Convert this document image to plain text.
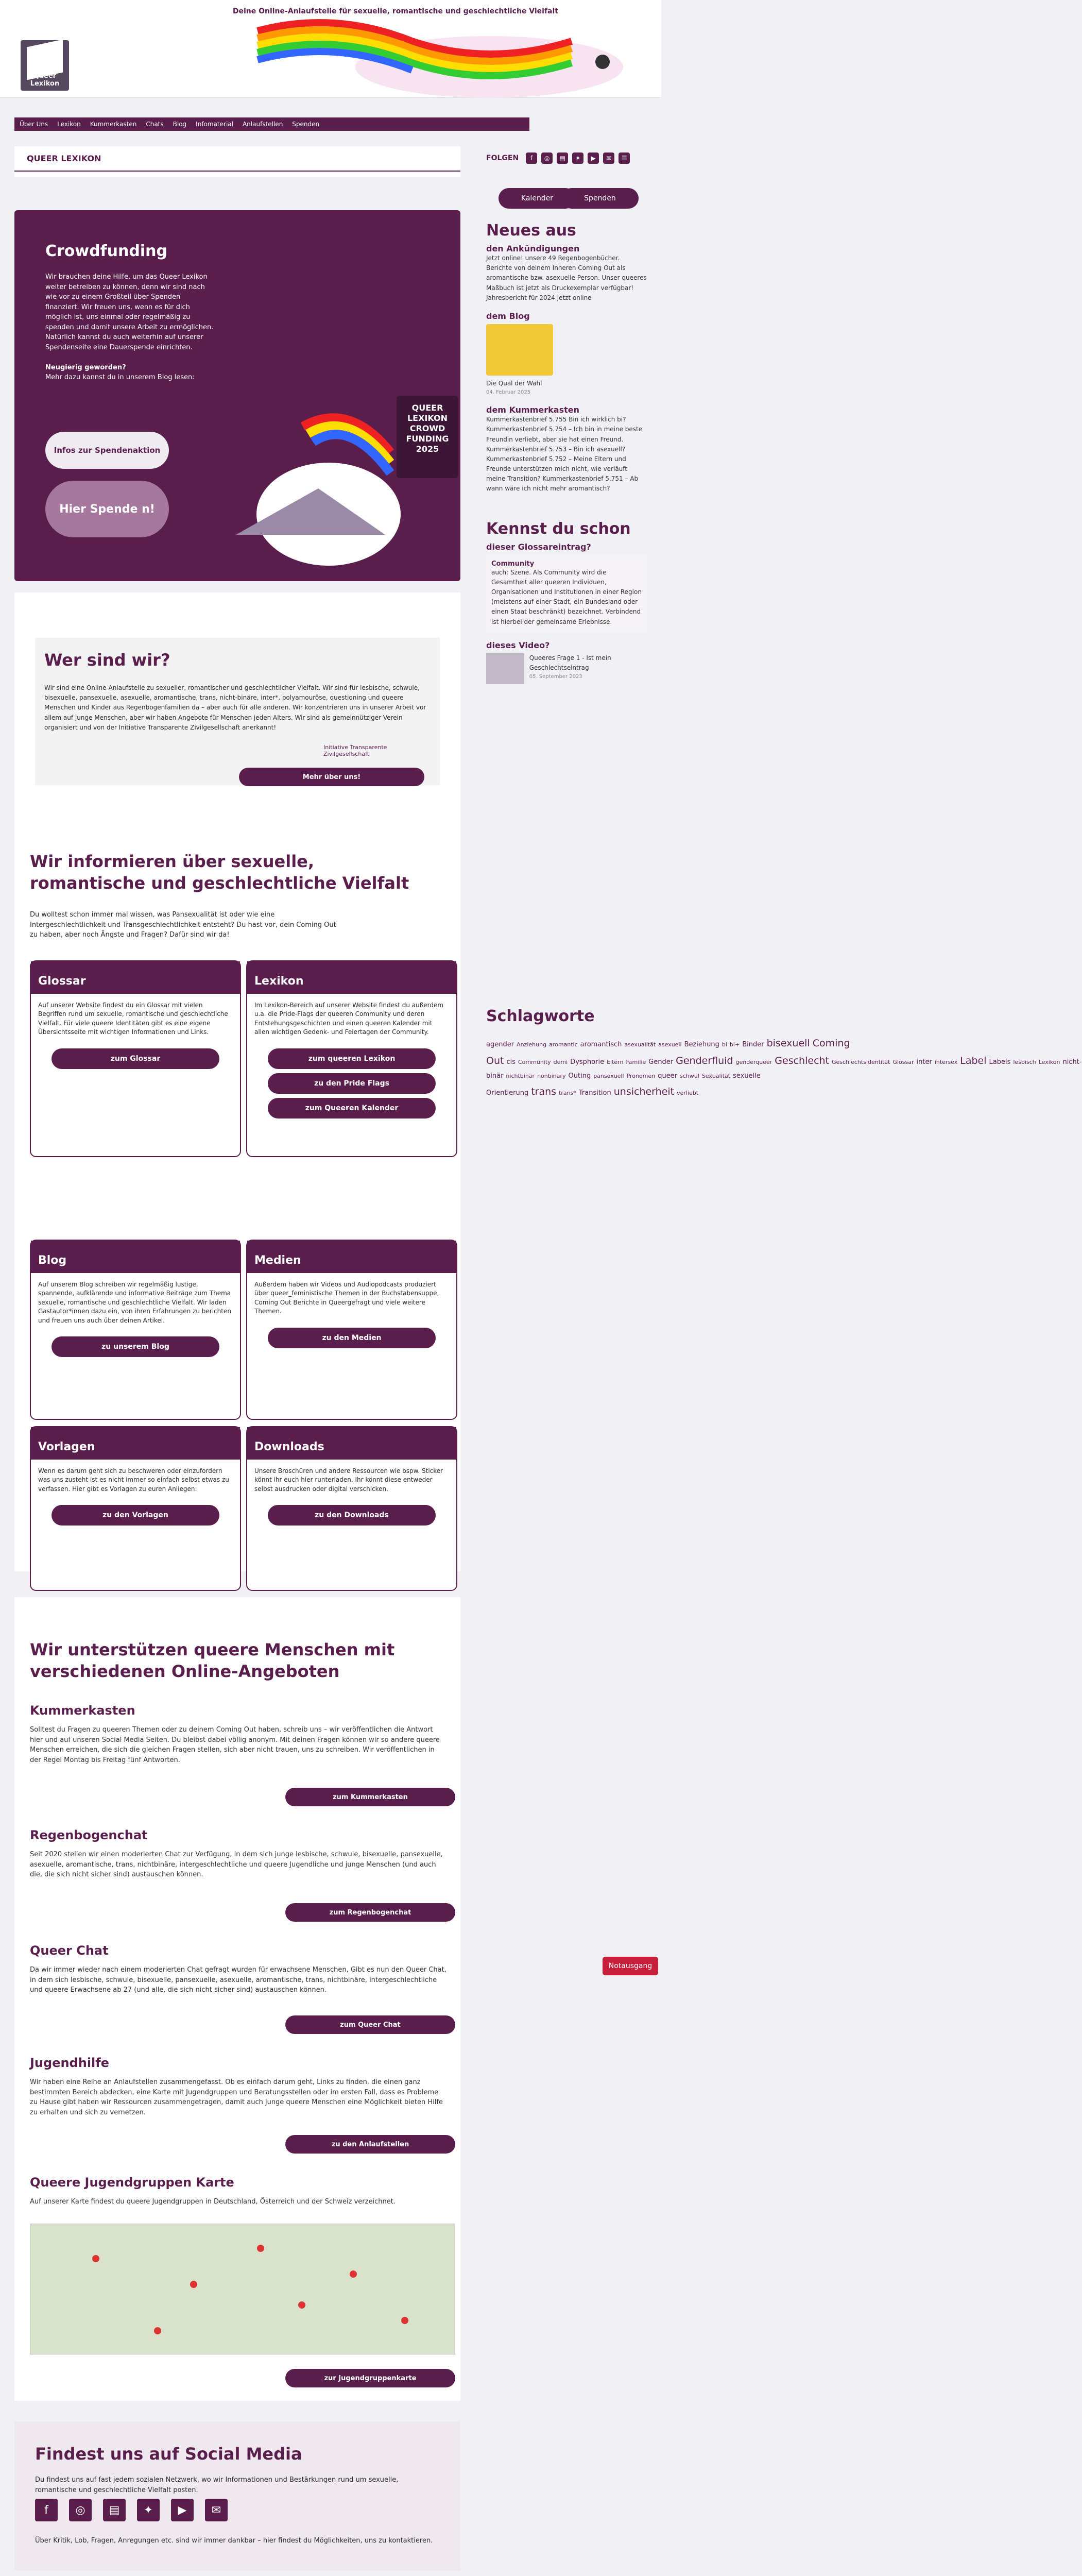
Queer Lexikon
Deine Online-Anlaufstelle für sexuelle, romantische und geschlechtliche Vielfalt
Über Uns Lexikon Kummerkasten Chats Blog Infomaterial Anlaufstellen Spenden
FOLGEN	f	◎	▤	✦	▶	✉	☰
Kalender	Spenden
QUEER LEXIKON
Crowdfunding
Wir brauchen deine Hilfe, um das Queer Lexikon weiter betreiben zu können, denn wir sind nach wie vor zu einem Großteil über Spenden finanziert. Wir freuen uns, wenn es für dich möglich ist, uns einmal oder regelmäßig zu spenden und damit unsere Arbeit zu ermöglichen. Natürlich kannst du auch weiterhin auf unserer Spendenseite eine Dauerspende einrichten.

Neugierig geworden?
Mehr dazu kannst du in unserem Blog lesen:
Infos zur Spendenaktion
Hier Spende n!
QUEER LEXIKON CROWD FUNDING 2025
Wer sind wir?
Wir sind eine Online-Anlaufstelle zu sexueller, romantischer und geschlechtlicher Vielfalt. Wir sind für lesbische, schwule, bisexuelle, pansexuelle, asexuelle, aromantische, trans, nicht-binäre, inter*, polyamouröse, questioning und queere Menschen und Kinder aus Regenbogenfamilien da – aber auch für alle anderen. Wir konzentrieren uns in unserer Arbeit vor allem auf junge Menschen, aber wir haben Angebote für Menschen jeden Alters. Wir sind als gemeinnütziger Verein organisiert und von der Initiative Transparente Zivilgesellschaft anerkannt!
Initiative Transparente Zivilgesellschaft
Mehr über uns!
Wir informieren über sexuelle, romantische und geschlechtliche Vielfalt
Du wolltest schon immer mal wissen, was Pansexualität ist oder wie eine Intergeschlechtlichkeit und Transgeschlechtlichkeit entsteht? Du hast vor, dein Coming Out zu haben, aber noch Ängste und Fragen? Dafür sind wir da!
Glossar
Auf unserer Website findest du ein Glossar mit vielen Begriffen rund um sexuelle, romantische und geschlechtliche Vielfalt. Für viele queere Identitäten gibt es eine eigene Übersichtsseite mit wichtigen Informationen und Links.
zum Glossar
Lexikon
Im Lexikon-Bereich auf unserer Website findest du außerdem u.a. die Pride-Flags der queeren Community und deren Entstehungsgeschichten und einen queeren Kalender mit allen wichtigen Gedenk- und Feiertagen der Community.
zum queeren Lexikon
zu den Pride Flags
zum Queeren Kalender
Blog
Auf unserem Blog schreiben wir regelmäßig lustige, spannende, aufklärende und informative Beiträge zum Thema sexuelle, romantische und geschlechtliche Vielfalt. Wir laden Gastautor*innen dazu ein, von ihren Erfahrungen zu berichten und freuen uns auch über deinen Artikel.
zu unserem Blog
Medien
Außerdem haben wir Videos und Audiopodcasts produziert über queer_feministische Themen in der Buchstabensuppe, Coming Out Berichte in Queergefragt und viele weitere Themen.
zu den Medien
Vorlagen
Wenn es darum geht sich zu beschweren oder einzufordern was uns zusteht ist es nicht immer so einfach selbst etwas zu verfassen. Hier gibt es Vorlagen zu euren Anliegen:
zu den Vorlagen
Downloads
Unsere Broschüren und andere Ressourcen wie bspw. Sticker könnt ihr euch hier runterladen. Ihr könnt diese entweder selbst ausdrucken oder digital verschicken.
zu den Downloads
Wir unterstützen queere Menschen mit verschiedenen Online-Angeboten
Kummerkasten
Solltest du Fragen zu queeren Themen oder zu deinem Coming Out haben, schreib uns – wir veröffentlichen die Antwort hier und auf unseren Social Media Seiten. Du bleibst dabei völlig anonym. Mit deinen Fragen können wir so andere queere Menschen erreichen, die sich die gleichen Fragen stellen, sich aber nicht trauen, uns zu schreiben. Wir veröffentlichen in der Regel Montag bis Freitag fünf Antworten.
zum Kummerkasten
Regenbogenchat
Seit 2020 stellen wir einen moderierten Chat zur Verfügung, in dem sich junge lesbische, schwule, bisexuelle, pansexuelle, asexuelle, aromantische, trans, nichtbinäre, intergeschlechtliche und queere Jugendliche und junge Menschen (und auch die, die sich nicht sicher sind) austauschen können.
zum Regenbogenchat
Queer Chat
Da wir immer wieder nach einem moderierten Chat gefragt wurden für erwachsene Menschen, Gibt es nun den Queer Chat, in dem sich lesbische, schwule, bisexuelle, pansexuelle, asexuelle, aromantische, trans, nichtbinäre, intergeschlechtliche und queere Erwachsene ab 27 (und alle, die sich nicht sicher sind) austauschen können.
zum Queer Chat
Jugendhilfe
Wir haben eine Reihe an Anlaufstellen zusammengefasst. Ob es einfach darum geht, Links zu finden, die einen ganz bestimmten Bereich abdecken, eine Karte mit Jugendgruppen und Beratungsstellen oder im ersten Fall, dass es Probleme zu Hause gibt haben wir Ressourcen zusammengetragen, damit auch junge queere Menschen eine Möglichkeit bieten Hilfe zu erhalten und sich zu vernetzen.
zu den Anlaufstellen
Queere Jugendgruppen Karte
Auf unserer Karte findest du queere Jugendgruppen in Deutschland, Österreich und der Schweiz verzeichnet.
zur Jugendgruppenkarte
Findest uns auf Social Media
Du findest uns auf fast jedem sozialen Netzwerk, wo wir Informationen und Bestärkungen rund um sexuelle, romantische und geschlechtliche Vielfalt posten.
f	◎	▤	✦	▶	✉
Über Kritik, Lob, Fragen, Anregungen etc. sind wir immer dankbar – hier findest du Möglichkeiten, uns zu kontaktieren.
Neues aus
den Ankündigungen
Jetzt online! unsere 49 Regenbogenbücher. Berichte von deinem Inneren Coming Out als aromantische bzw. asexuelle Person. Unser queeres Maßbuch ist jetzt als Druckexemplar verfügbar! Jahresbericht für 2024 jetzt online
dem Blog
Die Qual der Wahl
04. Februar 2025
dem Kummerkasten
Kummerkastenbrief 5.755 Bin ich wirklich bi? Kummerkastenbrief 5.754 – Ich bin in meine beste Freundin verliebt, aber sie hat einen Freund. Kummerkastenbrief 5.753 – Bin ich asexuell? Kummerkastenbrief 5.752 – Meine Eltern und Freunde unterstützen mich nicht, wie verläuft meine Transition? Kummerkastenbrief 5.751 – Ab wann wäre ich nicht mehr aromantisch?
Kennst du schon
dieser Glossareintrag?
Community
auch: Szene. Als Community wird die Gesamtheit aller queeren Individuen, Organisationen und Institutionen in einer Region (meistens auf einer Stadt, ein Bundesland oder einen Staat beschränkt) bezeichnet. Verbindend ist hierbei der gemeinsame Erlebnisse.
dieses Video?
Queeres Frage 1 - Ist mein Geschlechtseintrag
05. September 2023
Schlagworte
agender Anziehung aromantic aromantisch asexualität asexuell Beziehung bi bi+ Binder bisexuell Coming Out cis Community demi Dysphorie Eltern Familie Gender Genderfluid genderqueer Geschlecht Geschlechtsidentität Glossar inter intersex Label Labels lesbisch Lexikon nicht-binär nichtbinär nonbinary Outing pansexuell Pronomen queer schwul Sexualität sexuelle Orientierung trans trans* Transition unsicherheit verliebt
Notausgang
